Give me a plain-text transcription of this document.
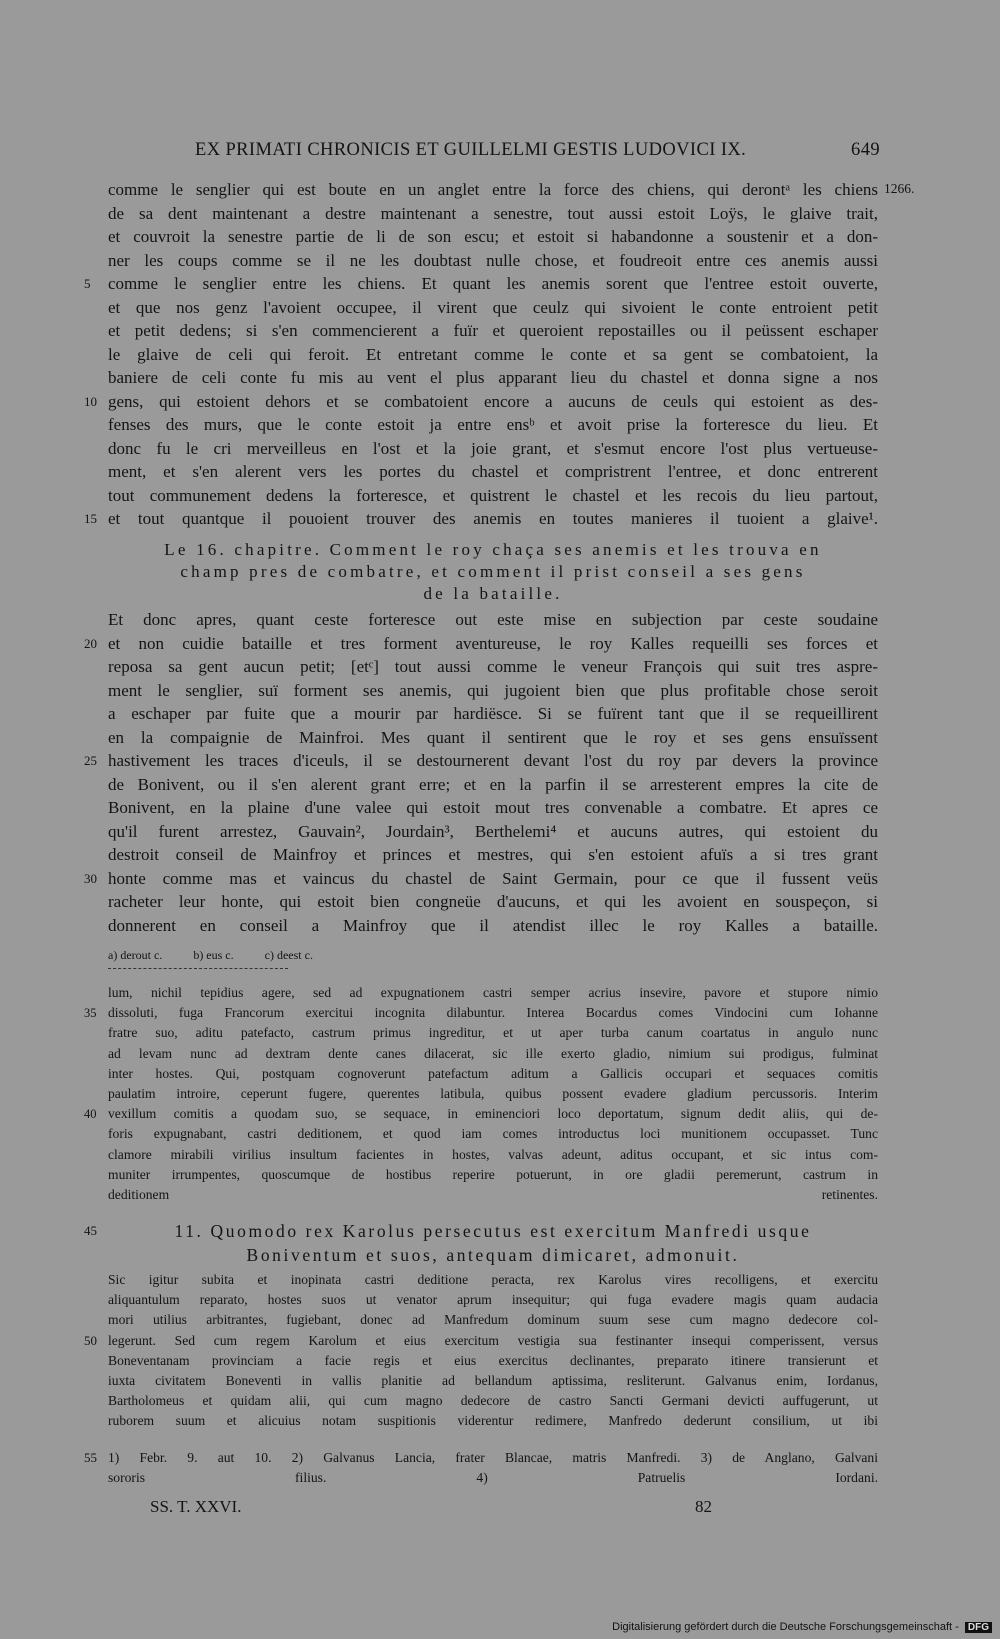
EX PRIMATI CHRONICIS ET GUILLELMI GESTIS LUDOVICI IX.	649
1266.
comme le senglier qui est boute en un anglet entre la force des chiens, qui derontᵃ les chiens
de sa dent maintenant a destre maintenant a senestre, tout aussi estoit Loÿs, le glaive trait,
et couvroit la senestre partie de li de son escu; et estoit si habandonne a soustenir et a don-
ner les coups comme se il ne les doubtast nulle chose, et foudreoit entre ces anemis aussi
5	comme le senglier entre les chiens. Et quant les anemis sorent que l'entree estoit ouverte,
et que nos genz l'avoient occupee, il virent que ceulz qui sivoient le conte entroient petit
et petit dedens; si s'en commencierent a fuïr et queroient repostailles ou il peüssent eschaper
le glaive de celi qui feroit. Et entretant comme le conte et sa gent se combatoient, la
baniere de celi conte fu mis au vent el plus apparant lieu du chastel et donna signe a nos
10 gens, qui estoient dehors et se combatoient encore a aucuns de ceuls qui estoient as des-
fenses des murs, que le conte estoit ja entre ensᵇ et avoit prise la forteresce du lieu. Et
donc fu le cri merveilleus en l'ost et la joie grant, et s'esmut encore l'ost plus vertueuse-
ment, et s'en alerent vers les portes du chastel et compristrent l'entree, et donc entrerent
tout communement dedens la forteresce, et quistrent le chastel et les recois du lieu partout,
15 et tout quantque il pouoient trouver des anemis en toutes manieres il tuoient a glaive¹.
Le 16. chapitre. Comment le roy chaça ses anemis et les trouva en
champ pres de combatre, et comment il prist conseil a ses gens
de la bataille.
Et donc apres, quant ceste forteresce out este mise en subjection par ceste soudaine
20 et non cuidie bataille et tres forment aventureuse, le roy Kalles requeilli ses forces et
reposa sa gent aucun petit; [etᶜ] tout aussi comme le veneur François qui suit tres aspre-
ment le senglier, suï forment ses anemis, qui jugoient bien que plus profitable chose seroit
a eschaper par fuite que a mourir par hardiësce. Si se fuïrent tant que il se requeillirent
en la compaignie de Mainfroi. Mes quant il sentirent que le roy et ses gens ensuïssent
25 hastivement les traces d'iceuls, il se destournerent devant l'ost du roy par devers la province
de Bonivent, ou il s'en alerent grant erre; et en la parfin il se arresterent empres la cite de
Bonivent, en la plaine d'une valee qui estoit mout tres convenable a combatre. Et apres ce
qu'il furent arrestez, Gauvain², Jourdain³, Berthelemi⁴ et aucuns autres, qui estoient du
destroit conseil de Mainfroy et princes et mestres, qui s'en estoient afuïs a si tres grant
30 honte comme mas et vaincus du chastel de Saint Germain, pour ce que il fussent veüs
racheter leur honte, qui estoit bien congneüe d'aucuns, et qui les avoient en souspeçon, si
donnerent en conseil a Mainfroy que il atendist illec le roy Kalles a bataille.
a) derout c.	b) eus c.	c) deest c.
lum, nichil tepidius agere, sed ad expugnationem castri semper acrius insevire, pavore et stupore nimio
35 dissoluti, fuga Francorum exercitui incognita dilabuntur. Interea Bocardus comes Vindocini cum Iohanne
fratre suo, aditu patefacto, castrum primus ingreditur, et ut aper turba canum coartatus in angulo nunc
ad levam nunc ad dextram dente canes dilacerat, sic ille exerto gladio, nimium sui prodigus, fulminat
inter hostes. Qui, postquam cognoverunt patefactum aditum a Gallicis occupari et sequaces comitis
paulatim introire, ceperunt fugere, querentes latibula, quibus possent evadere gladium percussoris. Interim
40 vexillum comitis a quodam suo, se sequace, in eminenciori loco deportatum, signum dedit aliis, qui de-
foris expugnabant, castri deditionem, et quod iam comes introductus loci munitionem occupasset. Tunc
clamore mirabili virilius insultum facientes in hostes, valvas adeunt, aditus occupant, et sic intus com-
muniter irrumpentes, quoscumque de hostibus reperire potuerunt, in ore gladii peremerunt, castrum in
deditionem retinentes.
45	11. Quomodo rex Karolus persecutus est exercitum Manfredi usque
Boniventum et suos, antequam dimicaret, admonuit.
Sic igitur subita et inopinata castri deditione peracta, rex Karolus vires recolligens, et exercitu
aliquantulum reparato, hostes suos ut venator aprum insequitur; qui fuga evadere magis quam audacia
mori utilius arbitrantes, fugiebant, donec ad Manfredum dominum suum sese cum magno dedecore col-
50 legerunt. Sed cum regem Karolum et eius exercitum vestigia sua festinanter insequi comperissent, versus
Boneventanam provinciam a facie regis et eius exercitus declinantes, preparato itinere transierunt et
iuxta civitatem Boneventi in vallis planitie ad bellandum aptissima, resliterunt. Galvanus enim, Iordanus,
Bartholomeus et quidam alii, qui cum magno dedecore de castro Sancti Germani devicti auffugerunt, ut
ruborem suum et alicuius notam suspitionis viderentur redimere, Manfredo dederunt consilium, ut ibi
55 1) Febr. 9. aut 10. 2) Galvanus Lancia, frater Blancae, matris Manfredi. 3) de Anglano, Galvani
sororis filius. 4) Patruelis Iordani.
SS. T. XXVI.	82
Digitalisierung gefördert durch die Deutsche Forschungsgemeinschaft - DFG
